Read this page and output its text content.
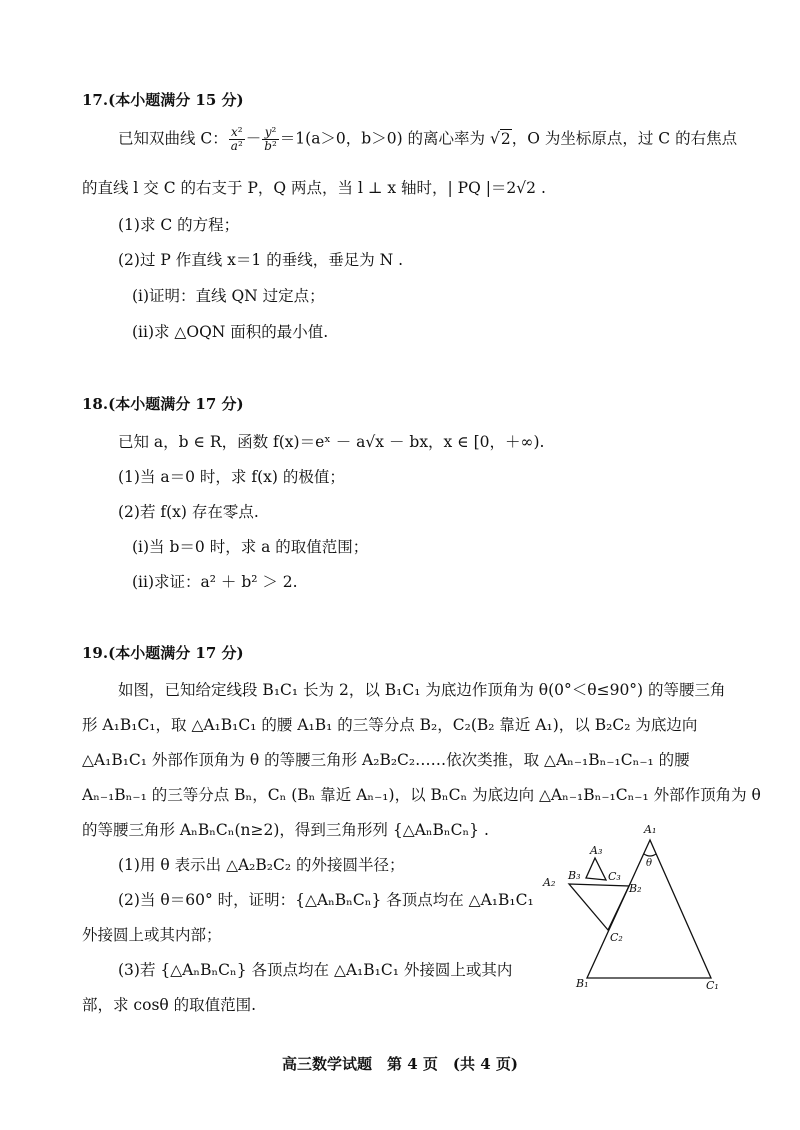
17.(本小题满分 15 分)
已知双曲线 C： $\frac{\text{x²}}{\text{a²}} - \frac{\text{y²}}{\text{b²}} =1(a>0$，b＞0) 的离心率为 √2，O 为坐标原点，过 C 的右焦点
的直线 l 交 C 的右支于 P，Q 两点，当 l ⊥ x 轴时，| PQ |＝2√2 .
(1)求 C 的方程；
(2)过 P 作直线 x＝1 的垂线，垂足为 N .
(i)证明：直线 QN 过定点；
(ii)求 △OQN 面积的最小值.
18.(本小题满分 17 分)
已知 a，b ∈ R，函数 f(x)＝eˣ － a√x － bx，x ∈ [0，＋∞).
(1)当 a＝0 时，求 f(x) 的极值；
(2)若 f(x) 存在零点.
(i)当 b＝0 时，求 a 的取值范围；
(ii)求证：a² ＋ b² ＞ 2.
19.(本小题满分 17 分)
如图，已知给定线段 B₁C₁ 长为 2，以 B₁C₁ 为底边作顶角为 θ(0°＜θ≤90°) 的等腰三角
形 A₁B₁C₁，取 △A₁B₁C₁ 的腰 A₁B₁ 的三等分点 B₂，C₂(B₂ 靠近 A₁)，以 B₂C₂ 为底边向
△A₁B₁C₁ 外部作顶角为 θ 的等腰三角形 A₂B₂C₂……依次类推，取 △Aₙ₋₁Bₙ₋₁Cₙ₋₁ 的腰
Aₙ₋₁Bₙ₋₁ 的三等分点 Bₙ，Cₙ (Bₙ 靠近 Aₙ₋₁)，以 BₙCₙ 为底边向 △Aₙ₋₁Bₙ₋₁Cₙ₋₁ 外部作顶角为 θ
的等腰三角形 AₙBₙCₙ(n≥2)，得到三角形列 {△AₙBₙCₙ} .
(1)用 θ 表示出 △A₂B₂C₂ 的外接圆半径；
(2)当 θ＝60° 时，证明：{△AₙBₙCₙ} 各顶点均在 △A₁B₁C₁
外接圆上或其内部；
(3)若 {△AₙBₙCₙ} 各顶点均在 △A₁B₁C₁ 外接圆上或其内
部，求 cosθ 的取值范围.
A₁
θ
B₁	C₁
A₂	B₂
C₂
A₃
B₃	C₃
高三数学试题　第 4 页　(共 4 页)
